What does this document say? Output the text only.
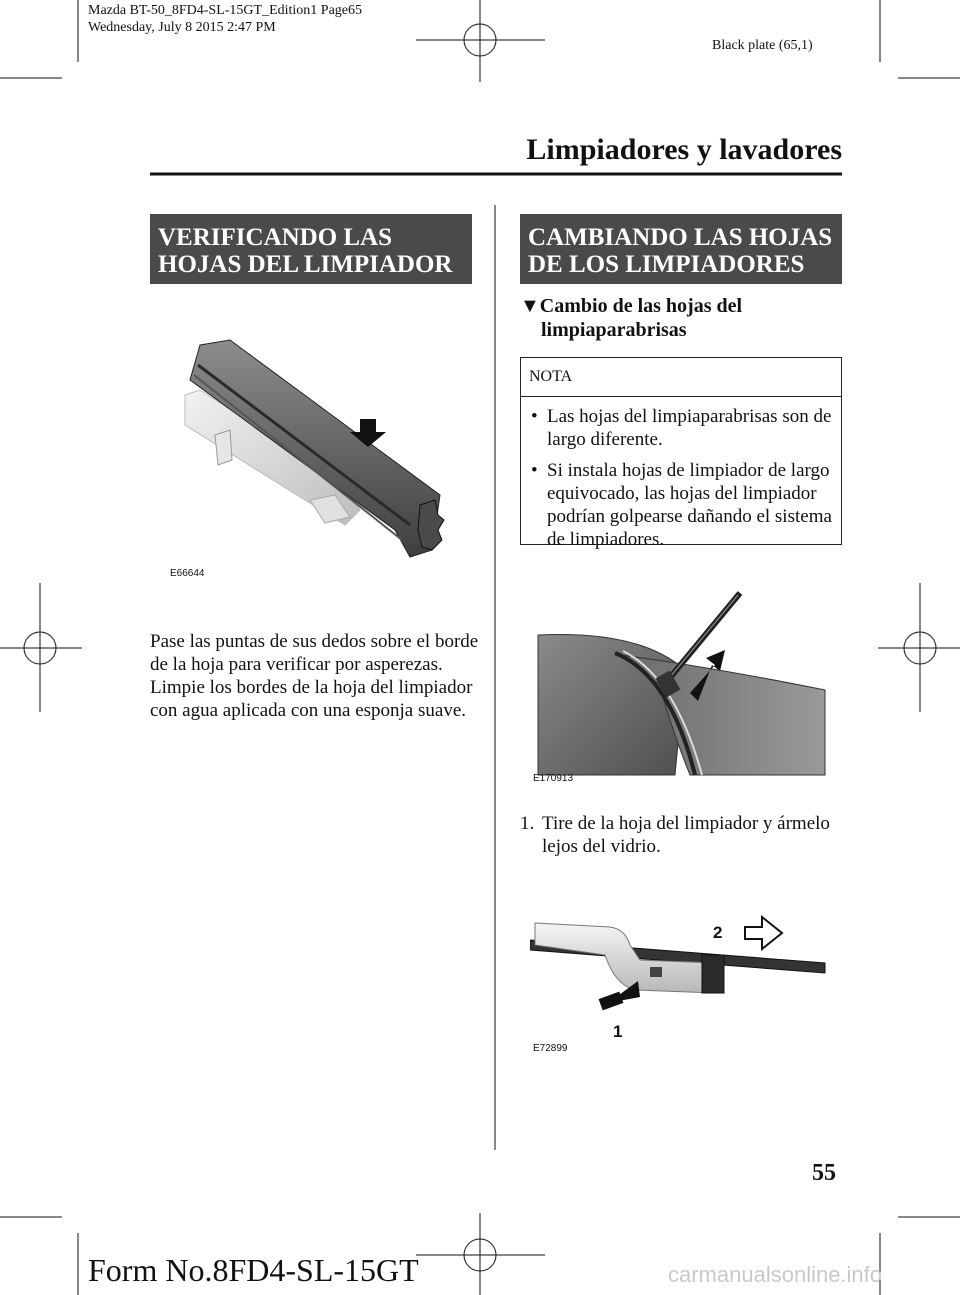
Mazda BT-50_8FD4-SL-15GT_Edition1 Page65
Wednesday, July 8 2015 2:47 PM
Black plate (65,1)
Limpiadores y lavadores
VERIFICANDO LAS
HOJAS DEL LIMPIADOR
E66644
Pase las puntas de sus dedos sobre el borde de la hoja para verificar por asperezas.
Limpie los bordes de la hoja del limpiador con agua aplicada con una esponja suave.
CAMBIANDO LAS HOJAS
DE LOS LIMPIADORES
▼Cambio de las hojas del
limpiaparabrisas
NOTA
• Las hojas del limpiaparabrisas son de largo diferente.
• Si instala hojas de limpiador de largo equivocado, las hojas del limpiador podrían golpearse dañando el sistema de limpiadores.
E170913
1. Tire de la hoja del limpiador y ármelo lejos del vidrio.
2
1
E72899
55
Form No.8FD4-SL-15GT	carmanualsonline.info
